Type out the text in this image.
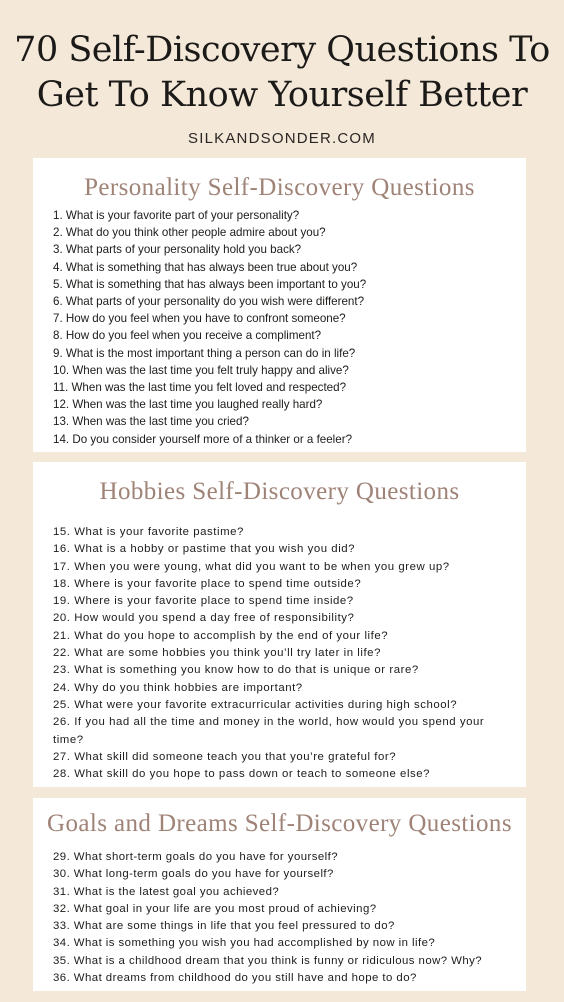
70 Self-Discovery Questions To
Get To Know Yourself Better
SILKANDSONDER.COM
Personality Self-Discovery Questions
1. What is your favorite part of your personality?
2. What do you think other people admire about you?
3. What parts of your personality hold you back?
4. What is something that has always been true about you?
5. What is something that has always been important to you?
6. What parts of your personality do you wish were different?
7. How do you feel when you have to confront someone?
8. How do you feel when you receive a compliment?
9. What is the most important thing a person can do in life?
10. When was the last time you felt truly happy and alive?
11. When was the last time you felt loved and respected?
12. When was the last time you laughed really hard?
13. When was the last time you cried?
14. Do you consider yourself more of a thinker or a feeler?
Hobbies Self-Discovery Questions
15. What is your favorite pastime?
16. What is a hobby or pastime that you wish you did?
17. When you were young, what did you want to be when you grew up?
18. Where is your favorite place to spend time outside?
19. Where is your favorite place to spend time inside?
20. How would you spend a day free of responsibility?
21. What do you hope to accomplish by the end of your life?
22. What are some hobbies you think you’ll try later in life?
23. What is something you know how to do that is unique or rare?
24. Why do you think hobbies are important?
25. What were your favorite extracurricular activities during high school?
26. If you had all the time and money in the world, how would you spend your time?
27. What skill did someone teach you that you’re grateful for?
28. What skill do you hope to pass down or teach to someone else?
Goals and Dreams Self-Discovery Questions
29. What short-term goals do you have for yourself?
30. What long-term goals do you have for yourself?
31. What is the latest goal you achieved?
32. What goal in your life are you most proud of achieving?
33. What are some things in life that you feel pressured to do?
34. What is something you wish you had accomplished by now in life?
35. What is a childhood dream that you think is funny or ridiculous now? Why?
36. What dreams from childhood do you still have and hope to do?
